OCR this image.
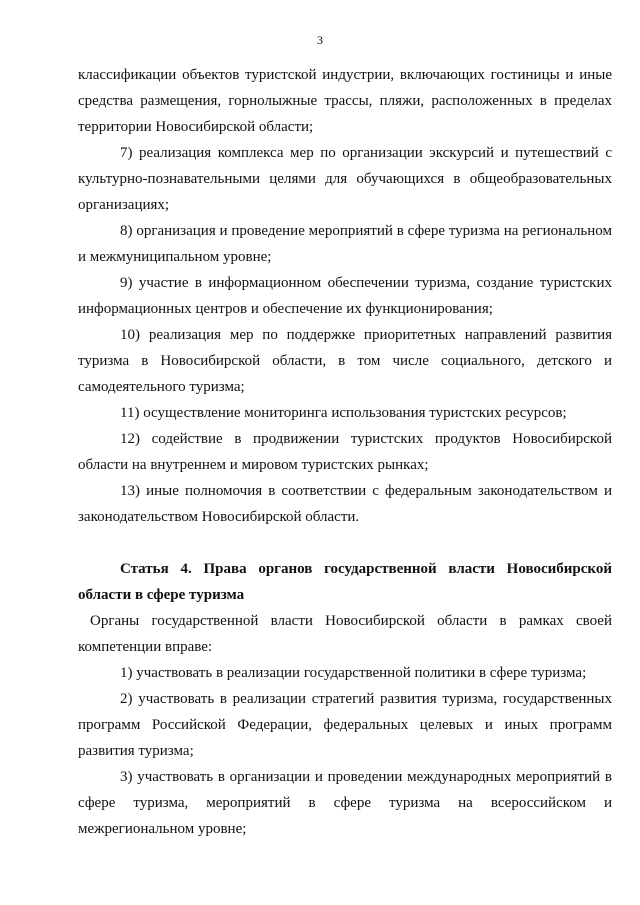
3

классификации объектов туристской индустрии, включающих гостиницы и иные средства размещения, горнолыжные трассы, пляжи, расположенных в пределах территории Новосибирской области;

7) реализация комплекса мер по организации экскурсий и путешествий с культурно-познавательными целями для обучающихся в общеобразовательных организациях;

8) организация и проведение мероприятий в сфере туризма на региональном и межмуниципальном уровне;

9) участие в информационном обеспечении туризма, создание туристских информационных центров и обеспечение их функционирования;

10) реализация мер по поддержке приоритетных направлений развития туризма в Новосибирской области, в том числе социального, детского и самодеятельного туризма;

11) осуществление мониторинга использования туристских ресурсов;

12) содействие в продвижении туристских продуктов Новосибирской области на внутреннем и мировом туристских рынках;

13) иные полномочия в соответствии с федеральным законодательством и законодательством Новосибирской области.

Статья 4. Права органов государственной власти Новосибирской области в сфере туризма

Органы государственной власти Новосибирской области в рамках своей компетенции вправе:

1) участвовать в реализации государственной политики в сфере туризма;

2) участвовать в реализации стратегий развития туризма, государственных программ Российской Федерации, федеральных целевых и иных программ развития туризма;

3) участвовать в организации и проведении международных мероприятий в сфере туризма, мероприятий в сфере туризма на всероссийском и межрегиональном уровне;
